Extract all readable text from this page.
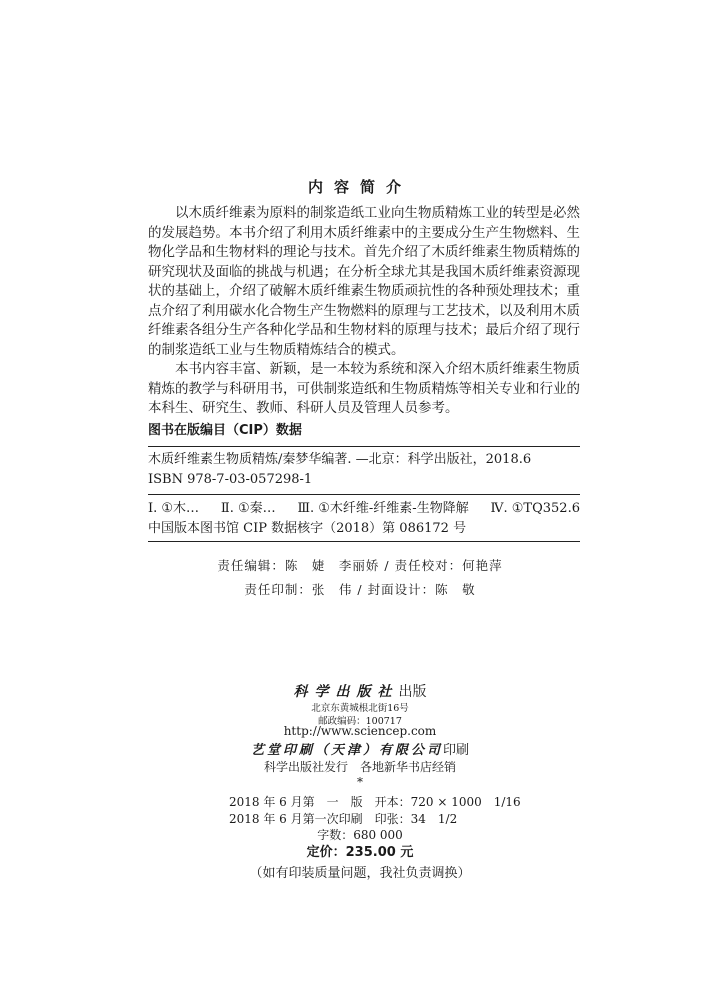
内容简介

以木质纤维素为原料的制浆造纸工业向生物质精炼工业的转型是必然的发展趋势。本书介绍了利用木质纤维素中的主要成分生产生物燃料、生物化学品和生物材料的理论与技术。首先介绍了木质纤维素生物质精炼的研究现状及面临的挑战与机遇；在分析全球尤其是我国木质纤维素资源现状的基础上，介绍了破解木质纤维素生物质顽抗性的各种预处理技术；重点介绍了利用碳水化合物生产生物燃料的原理与工艺技术，以及利用木质纤维素各组分生产各种化学品和生物材料的原理与技术；最后介绍了现行的制浆造纸工业与生物质精炼结合的模式。

本书内容丰富、新颖，是一本较为系统和深入介绍木质纤维素生物质精炼的教学与科研用书，可供制浆造纸和生物质精炼等相关专业和行业的本科生、研究生、教师、科研人员及管理人员参考。

图书在版编目（CIP）数据
木质纤维素生物质精炼/秦梦华编著. —北京：科学出版社，2018.6
ISBN 978-7-03-057298-1
Ⅰ. ①木… Ⅱ. ①秦… Ⅲ. ①木纤维-纤维素-生物降解 Ⅳ. ①TQ352.6
中国版本图书馆 CIP 数据核字（2018）第 086172 号
责任编辑：陈　婕　李丽娇 / 责任校对：何艳萍
责任印制：张　伟 / 封面设计：陈　敬
科学出版社出版
北京东黄城根北街16号
邮政编码：100717
http://www.sciencep.com
艺堂印刷（天津）有限公司印刷
科学出版社发行　各地新华书店经销
*
2018 年 6 月第　一　版　开本：720 × 1000　1/16
2018 年 6 月第一次印刷　印张：34　1/2
字数：680 000
定价：235.00 元
（如有印装质量问题，我社负责调换）
